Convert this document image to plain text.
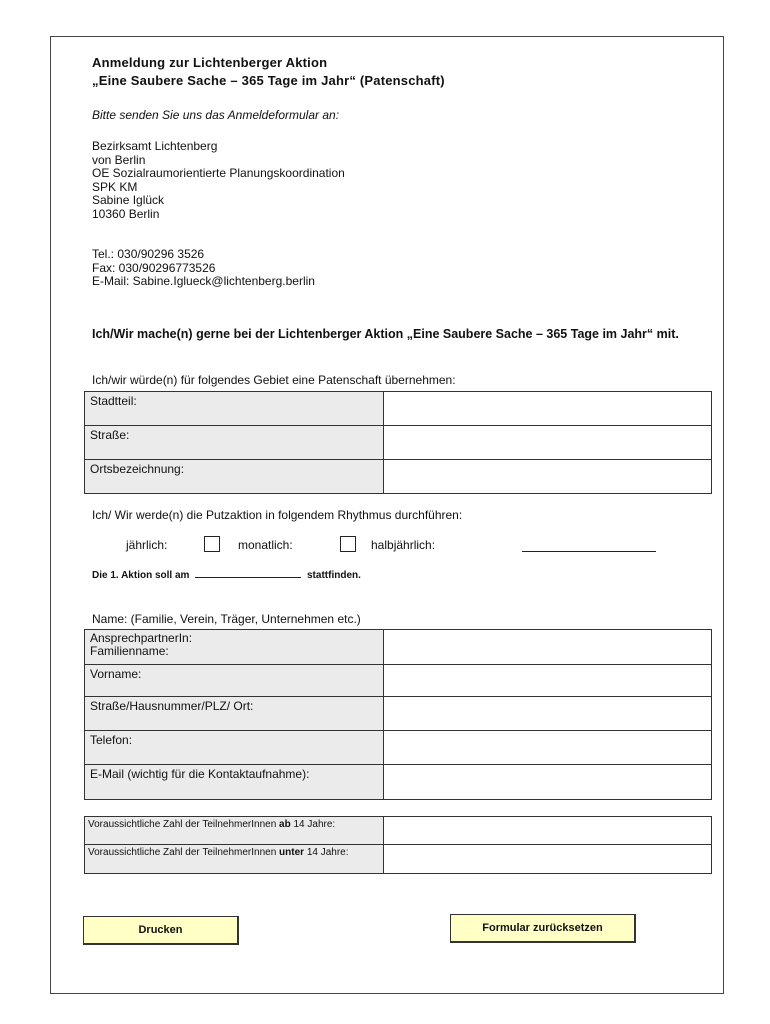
Anmeldung zur Lichtenberger Aktion
„Eine Saubere Sache – 365 Tage im Jahr“ (Patenschaft)
Bitte senden Sie uns das Anmeldeformular an:
Bezirksamt Lichtenberg
von Berlin
OE Sozialraumorientierte Planungskoordination
SPK KM
Sabine Iglück
10360 Berlin
Tel.: 030/90296 3526
Fax: 030/90296773526
E-Mail: Sabine.Iglueck@lichtenberg.berlin
Ich/Wir mache(n) gerne bei der Lichtenberger Aktion „Eine Saubere Sache – 365 Tage im Jahr“ mit.
Ich/wir würde(n) für folgendes Gebiet eine Patenschaft übernehmen:
Stadtteil:	
Straße:	
Ortsbezeichnung:	
Ich/ Wir werde(n) die Putzaktion in folgendem Rhythmus durchführen:
jährlich:	monatlich:	halbjährlich:
Die 1. Aktion soll am	stattfinden.
Name: (Familie, Verein, Träger, Unternehmen etc.)
AnsprechpartnerIn:
Familienname:

Vorname:	
Straße/Hausnummer/PLZ/ Ort:	
Telefon:	
E-Mail (wichtig für die Kontaktaufnahme):	
Voraussichtliche Zahl der TeilnehmerInnen ab 14 Jahre:	
Voraussichtliche Zahl der TeilnehmerInnen unter 14 Jahre:	
Drucken	Formular zurücksetzen
